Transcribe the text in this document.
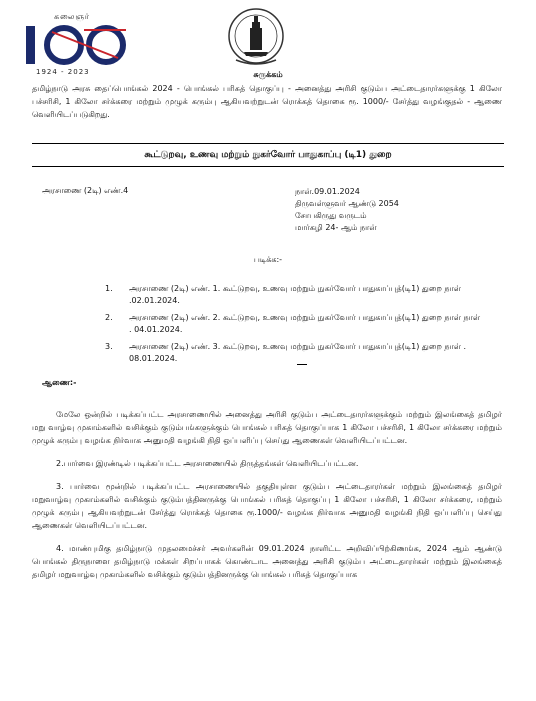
கலைஞர்
1924 - 2023	சுருக்கம்
தமிழ்நாடு அரசு தைப்பொங்கல் 2024 - பொங்கல் பரிசுத் தொகுப்பு - அனைத்து அரிசி குடும்ப அட்டைதாரர்களுக்கு 1 கிலோ பச்சரிசி, 1 கிலோ சர்க்கரை மற்றும் முழுக் கரும்பு ஆகியவற்றுடன் ரொக்கத் தொகை ரூ. 1000/- சேர்த்து வழங்குதல் - ஆணை வெளியிடப்படுகிறது.
கூட்டுறவு, உணவு மற்றும் நுகர்வோர் பாதுகாப்பு (டி1) துறை
அரசாணை (2டி) எண்.4	நாள்.09.01.2024
திருவள்ளுவர் ஆண்டு 2054
சோபகிருது வருடம்
மார்கழி 24- ஆம் நாள்
படிக்க:-
1.	அரசாணை (2டி) எண். 1. கூட்டுறவு, உணவு மற்றும் நுகர்வோர் பாதுகாப்புத்(டி1) துறை நாள் .02.01.2024.
2.	அரசாணை (2டி) எண். 2. கூட்டுறவு, உணவு மற்றும் நுகர்வோர் பாதுகாப்புத்(டி1) துறை நாள் நாள் . 04.01.2024.
3.	அரசாணை (2டி) எண். 3. கூட்டுறவு, உணவு மற்றும் நுகர்வோர் பாதுகாப்புத்(டி1) துறை நாள் . 08.01.2024.
ஆணை:-

மேலே ஒன்றில் படிக்கப்பட்ட அரசாணையில் அனைத்து அரிசி குடும்ப அட்டைதாரர்களுக்கும் மற்றும் இலங்கைத் தமிழர் மறு வாழ்வு முகாம்களில் வசிக்கும் குடும்பங்களுக்கும் பொங்கல் பரிசுத் தொகுப்பாக 1 கிலோ பச்சரிசி, 1 கிலோ சர்க்கரை மற்றும் முழுக் கரும்பு வழங்க நிர்வாக அனுமதி வழங்கி நிதி ஒப்பளிப்பு செய்து ஆணைகள் வெளியிடப்பட்டன.

2.பார்வை இரண்டில் படிக்கப்பட்ட அரசாணையில் திருத்தங்கள் வெளியிடப்பட்டன.

3. பார்வை மூன்றில் படிக்கப்பட்ட அரசாணையில் தகுதியுள்ள குடும்ப அட்டைதாரர்கள் மற்றும் இலங்கைத் தமிழர் மறுவாழ்வு முகாம்களில் வசிக்கும் குடும்பத்தினருக்கு பொங்கல் பரிசுத் தொகுப்பு 1 கிலோ பச்சரிசி, 1 கிலோ சர்க்கரை, மற்றும் முழுக் கரும்பு ஆகியவற்றுடன் சேர்த்து ரொக்கத் தொகை ரூ.1000/- வழங்க நிர்வாக அனுமதி வழங்கி நிதி ஒப்பளிப்பு செய்து ஆணைகள் வெளியிடப்பட்டன.

4. மாண்புமிகு தமிழ்நாடு முதலமைச்சர் அவர்களின் 09.01.2024 நாளிட்ட அறிவிப்பிற்கிணங்க, 2024 ஆம் ஆண்டு பொங்கல் திருநாளை தமிழ்நாடு மக்கள் சிறப்பாகக் கொண்டாட அனைத்து அரிசி குடும்ப அட்டைதாரர்கள் மற்றும் இலங்கைத் தமிழர் மறுவாழ்வு முகாம்களில் வசிக்கும் குடும்பத்தினருக்கு பொங்கல் பரிசுத் தொகுப்பாக
